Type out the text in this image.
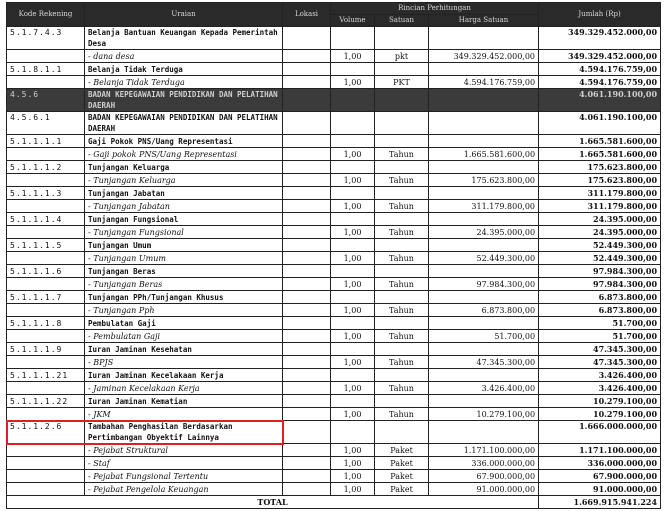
Kode Rekening	Uraian	Lokasi	Rincian Perhitungan			Jumlah (Rp)
			Volume	Satuan	Harga Satuan	
5.1.7.4.3	Belanja Bantuan Keuangan Kepada Pemerintah Desa					349.329.452.000,00
	- dana desa		1,00	pkt	349.329.452.000,00	349.329.452.000,00
5.1.8.1.1	Belanja Tidak Terduga					4.594.176.759,00
	- Belanja Tidak Terduga		1,00	PKT	4.594.176.759,00	4.594.176.759,00
4.5.6	BADAN KEPEGAWAIAN PENDIDIKAN DAN PELATIHAN DAERAH					4.061.190.100,00
4.5.6.1	BADAN KEPEGAWAIAN PENDIDIKAN DAN PELATIHAN DAERAH					4.061.190.100,00
5.1.1.1.1	Gaji Pokok PNS/Uang Representasi					1.665.581.600,00
	- Gaji pokok PNS/Uang Representasi		1,00	Tahun	1.665.581.600,00	1.665.581.600,00
5.1.1.1.2	Tunjangan Keluarga					175.623.800,00
	- Tunjangan Keluarga		1,00	Tahun	175.623.800,00	175.623.800,00
5.1.1.1.3	Tunjangan Jabatan					311.179.800,00
	- Tunjangan Jabatan		1,00	Tahun	311.179.800,00	311.179.800,00
5.1.1.1.4	Tunjangan Fungsional					24.395.000,00
	- Tunjangan Fungsional		1,00	Tahun	24.395.000,00	24.395.000,00
5.1.1.1.5	Tunjangan Umum					52.449.300,00
	- Tunjangan Umum		1,00	Tahun	52.449.300,00	52.449.300,00
5.1.1.1.6	Tunjangan Beras					97.984.300,00
	- Tunjangan Beras		1,00	Tahun	97.984.300,00	97.984.300,00
5.1.1.1.7	Tunjangan PPh/Tunjangan Khusus					6.873.800,00
	- Tunjangan Pph		1,00	Tahun	6.873.800,00	6.873.800,00
5.1.1.1.8	Pembulatan Gaji					51.700,00
	- Pembulatan Gaji		1,00	Tahun	51.700,00	51.700,00
5.1.1.1.9	Iuran Jaminan Kesehatan					47.345.300,00
	- BPJS		1,00	Tahun	47.345.300,00	47.345.300,00
5.1.1.1.21	Iuran Jaminan Kecelakaan Kerja					3.426.400,00
	- Jaminan Kecelakaan Kerja		1,00	Tahun	3.426.400,00	3.426.400,00
5.1.1.1.22	Iuran Jaminan Kematian					10.279.100,00
	- JKM		1,00	Tahun	10.279.100,00	10.279.100,00
5.1.1.2.6	Tambahan Penghasilan Berdasarkan Pertimbangan Obyektif Lainnya					1.666.000.000,00
	- Pejabat Struktural		1,00	Paket	1.171.100.000,00	1.171.100.000,00
	- Staf		1,00	Paket	336.000.000,00	336.000.000,00
	- Pejabat Fungsional Tertentu		1,00	Paket	67.900.000,00	67.900.000,00
	- Pejabat Pengelola Keuangan		1,00	Paket	91.000.000,00	91.000.000,00
TOTAL						1.669.915.941.224
